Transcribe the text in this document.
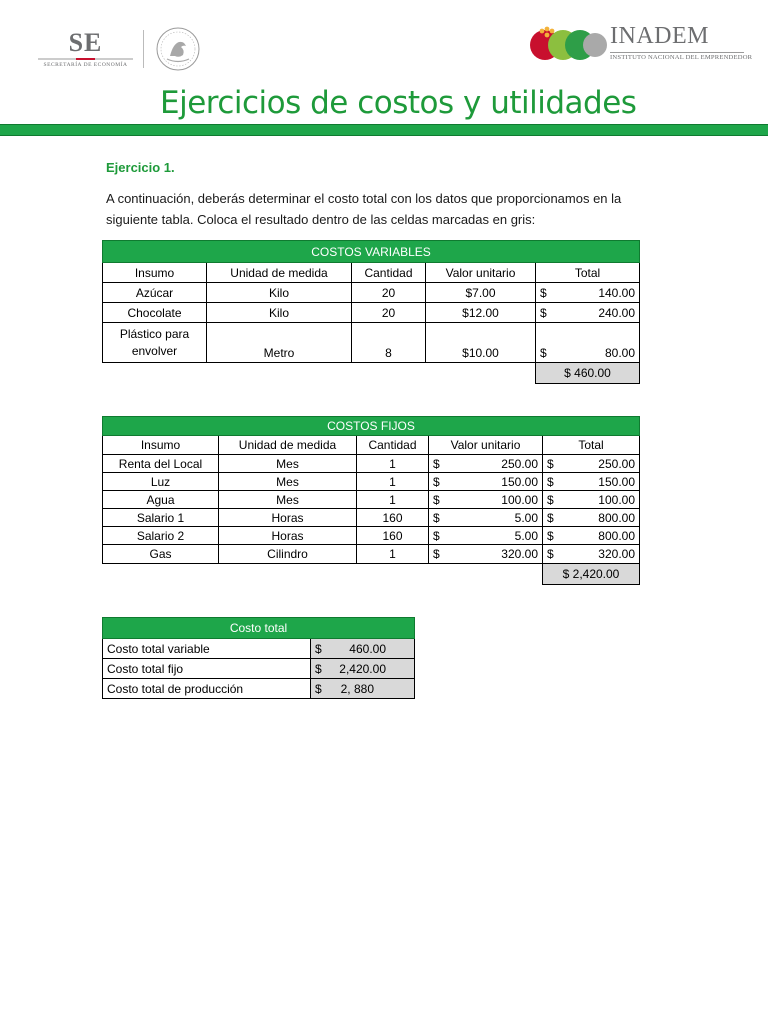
SE
SECRETARÍA DE ECONOMÍA
INADEM
INSTITUTO NACIONAL DEL EMPRENDEDOR
Ejercicios de costos y utilidades
Ejercicio 1.
A continuación, deberás determinar el costo total con los datos que proporcionamos en la siguiente tabla. Coloca el resultado dentro de las celdas marcadas en gris:
COSTOS VARIABLES				
Insumo	Unidad de medida	Cantidad	Valor unitario	Total
Azúcar	Kilo	20	$7.00	$ 140.00

Chocolate	Kilo	20	$12.00	$ 240.00

Plástico para envolver	Metro	8	$10.00	$ 80.00

				$ 460.00
COSTOS FIJOS				
Insumo	Unidad de medida	Cantidad	Valor unitario	Total
Renta del Local	Mes	1	$ 250.00	$ 250.00

Luz	Mes	1	$ 150.00	$ 150.00

Agua	Mes	1	$ 100.00	$ 100.00

Salario 1	Horas	160	$ 5.00	$ 800.00

Salario 2	Horas	160	$ 5.00	$ 800.00

Gas	Cilindro	1	$ 320.00	$ 320.00

				$ 2,420.00
Costo total	
Costo total variable	$ 460.00

Costo total fijo	$ 2,420.00

Costo total de producción	$ 2, 880
